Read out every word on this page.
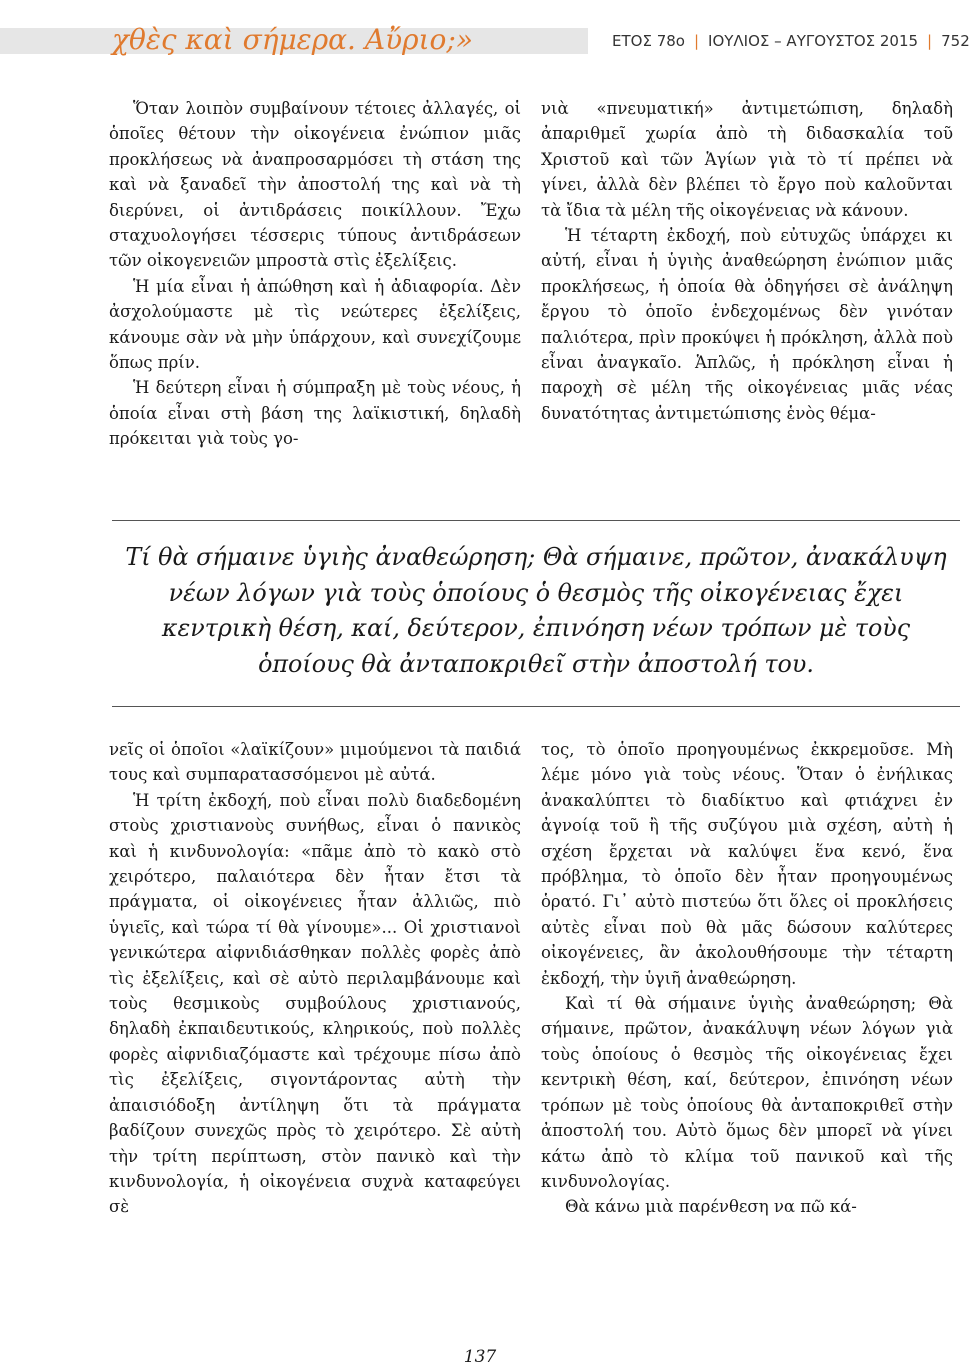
χθὲς καὶ σήμερα. Αὔριο;»	ΕΤΟΣ 78ο | ΙΟΥΛΙΟΣ – ΑΥΓΟΥΣΤΟΣ 2015 | 752

Ὅταν λοιπὸν συμβαίνουν τέτοιες ἀλλαγές, οἱ ὁποῖες θέτουν τὴν οἰκογένεια ἐνώπιον μιᾶς προκλήσεως νὰ ἀναπροσαρμόσει τὴ στάση της καὶ νὰ ξαναδεῖ τὴν ἀποστολή της καὶ νὰ τὴ διερύνει, οἱ ἀντιδράσεις ποικίλλουν. Ἔχω σταχυολογήσει τέσσερις τύπους ἀντιδράσεων τῶν οἰκογενειῶν μπροστὰ στὶς ἐξελίξεις.

Ἡ μία εἶναι ἡ ἀπώθηση καὶ ἡ ἀδιαφορία. Δὲν ἀσχολούμαστε μὲ τὶς νεώτερες ἐξελίξεις, κάνουμε σὰν νὰ μὴν ὑπάρχουν, καὶ συνεχίζουμε ὅπως πρίν.

Ἡ δεύτερη εἶναι ἡ σύμπραξη μὲ τοὺς νέους, ἡ ὁποία εἶναι στὴ βάση της λαϊκιστική, δηλαδὴ πρόκειται γιὰ τοὺς γο-

νιὰ «πνευματική» ἀντιμετώπιση, δηλαδὴ ἀπαριθμεῖ χωρία ἀπὸ τὴ διδασκαλία τοῦ Χριστοῦ καὶ τῶν Ἁγίων γιὰ τὸ τί πρέπει νὰ γίνει, ἀλλὰ δὲν βλέπει τὸ ἔργο ποὺ καλοῦνται τὰ ἴδια τὰ μέλη τῆς οἰκογένειας νὰ κάνουν.

Ἡ τέταρτη ἐκδοχή, ποὺ εὐτυχῶς ὑπάρχει κι αὐτή, εἶναι ἡ ὑγιὴς ἀναθεώρηση ἐνώπιον μιᾶς προκλήσεως, ἡ ὁποία θὰ ὁδηγήσει σὲ ἀνάληψη ἔργου τὸ ὁποῖο ἐνδεχομένως δὲν γινόταν παλιότερα, πρὶν προκύψει ἡ πρόκληση, ἀλλὰ ποὺ εἶναι ἀναγκαῖο. Ἁπλῶς, ἡ πρόκληση εἶναι ἡ παροχὴ σὲ μέλη τῆς οἰκογένειας μιᾶς νέας δυνατότητας ἀντιμετώπισης ἑνὸς θέμα-

Τί θὰ σήμαινε ὑγιὴς ἀναθεώρηση; Θὰ σήμαινε, πρῶτον, ἀνακάλυψη νέων λόγων γιὰ τοὺς ὁποίους ὁ θεσμὸς τῆς οἰκογένειας ἔχει κεντρικὴ θέση, καί, δεύτερον, ἐπινόηση νέων τρόπων μὲ τοὺς ὁποίους θὰ ἀνταποκριθεῖ στὴν ἀποστολή του.

νεῖς οἱ ὁποῖοι «λαϊκίζουν» μιμούμενοι τὰ παιδιά τους καὶ συμπαρατασσόμενοι μὲ αὐτά.

Ἡ τρίτη ἐκδοχή, ποὺ εἶναι πολὺ διαδεδομένη στοὺς χριστιανοὺς συνήθως, εἶναι ὁ πανικὸς καὶ ἡ κινδυνολογία: «πᾶμε ἀπὸ τὸ κακὸ στὸ χειρότερο, παλαιότερα δὲν ἦταν ἔτσι τὰ πράγματα, οἱ οἰκογένειες ἦταν ἀλλιῶς, πιὸ ὑγιεῖς, καὶ τώρα τί θὰ γίνουμε»... Οἱ χριστιανοὶ γενικώτερα αἰφνιδιάσθηκαν πολλὲς φορὲς ἀπὸ τὶς ἐξελίξεις, καὶ σὲ αὐτὸ περιλαμβάνουμε καὶ τοὺς θεσμικοὺς συμβούλους χριστιανούς, δηλαδὴ ἐκπαιδευτικούς, κληρικούς, ποὺ πολλὲς φορὲς αἰφνιδιαζόμαστε καὶ τρέχουμε πίσω ἀπὸ τὶς ἐξελίξεις, σιγοντάροντας αὐτὴ τὴν ἀπαισιόδοξη ἀντίληψη ὅτι τὰ πράγματα βαδίζουν συνεχῶς πρὸς τὸ χειρότερο. Σὲ αὐτὴ τὴν τρίτη περίπτωση, στὸν πανικὸ καὶ τὴν κινδυνολογία, ἡ οἰκογένεια συχνὰ καταφεύγει σὲ

τος, τὸ ὁποῖο προηγουμένως ἐκκρεμοῦσε. Μὴ λέμε μόνο γιὰ τοὺς νέους. Ὅταν ὁ ἐνήλικας ἀνακαλύπτει τὸ διαδίκτυο καὶ φτιάχνει ἐν ἀγνοίᾳ τοῦ ἢ τῆς συζύγου μιὰ σχέση, αὐτὴ ἡ σχέση ἔρχεται νὰ καλύψει ἕνα κενό, ἕνα πρόβλημα, τὸ ὁποῖο δὲν ἦταν προηγουμένως ὁρατό. Γι᾽ αὐτὸ πιστεύω ὅτι ὅλες οἱ προκλήσεις αὐτὲς εἶναι ποὺ θὰ μᾶς δώσουν καλύτερες οἰκογένειες, ἂν ἀκολουθήσουμε τὴν τέταρτη ἐκδοχή, τὴν ὑγιῆ ἀναθεώρηση.

Καὶ τί θὰ σήμαινε ὑγιὴς ἀναθεώρηση; Θὰ σήμαινε, πρῶτον, ἀνακάλυψη νέων λόγων γιὰ τοὺς ὁποίους ὁ θεσμὸς τῆς οἰκογένειας ἔχει κεντρικὴ θέση, καί, δεύτερον, ἐπινόηση νέων τρόπων μὲ τοὺς ὁποίους θὰ ἀνταποκριθεῖ στὴν ἀποστολή του. Αὐτὸ ὅμως δὲν μπορεῖ νὰ γίνει κάτω ἀπὸ τὸ κλίμα τοῦ πανικοῦ καὶ τῆς κινδυνολογίας.

Θὰ κάνω μιὰ παρένθεση να πῶ κά-

137
